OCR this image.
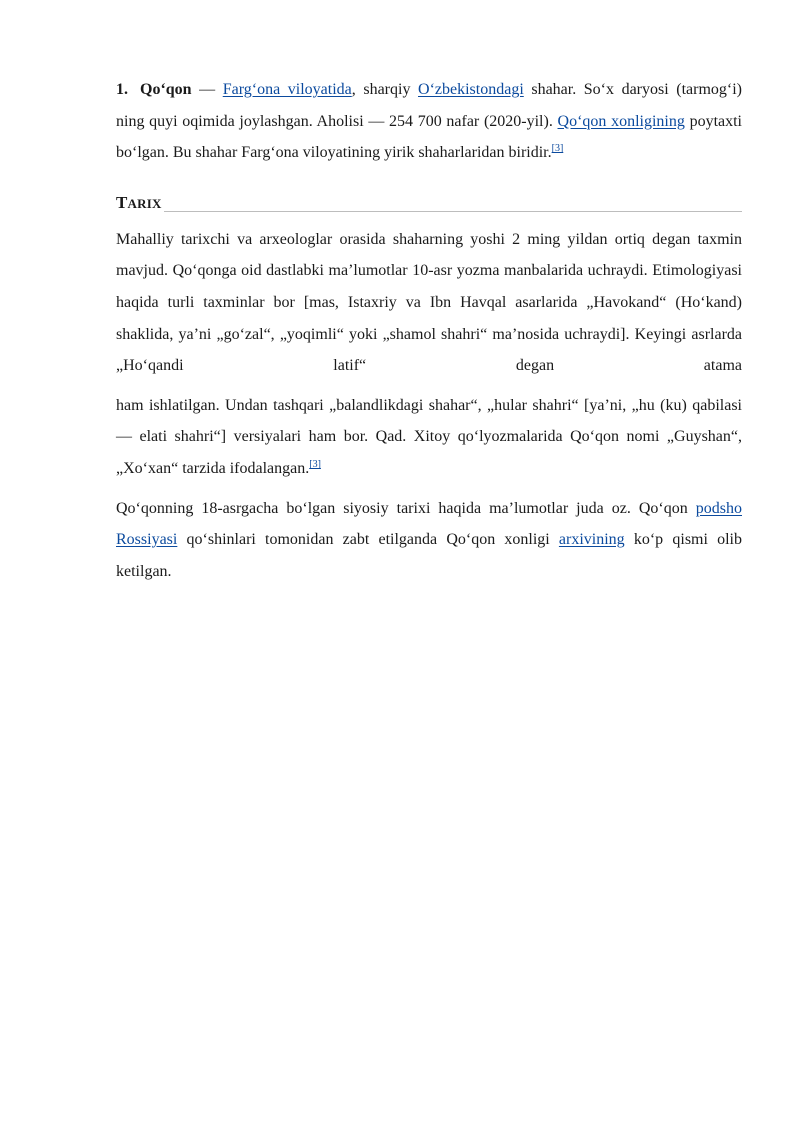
1. Qo‘qon — Farg‘ona viloyatida, sharqiy O‘zbekistondagi shahar. So‘x daryosi (tarmog‘i) ning quyi oqimida joylashgan. Aholisi — 254 700 nafar (2020-yil). Qo‘qon xonligining poytaxti bo‘lgan. Bu shahar Farg‘ona viloyatining yirik shaharlaridan biridir.[3]

TARIX

Mahalliy tarixchi va arxeologlar orasida shaharning yoshi 2 ming yildan ortiq degan taxmin mavjud. Qo‘qonga oid dastlabki ma’lumotlar 10-asr yozma manbalarida uchraydi. Etimologiyasi haqida turli taxminlar bor [mas, Istaxriy va Ibn Havqal asarlarida „Havokand“ (Ho‘kand) shaklida, ya’ni „go‘zal“, „yoqimli“ yoki „shamol shahri“ ma’nosida uchraydi]. Keyingi asrlarda „Ho‘qandi latif“ degan atama

ham ishlatilgan. Undan tashqari „balandlikdagi shahar“, „hular shahri“ [ya’ni, „hu (ku) qabilasi — elati shahri“] versiyalari ham bor. Qad. Xitoy qo‘lyozmalarida Qo‘qon nomi „Guyshan“, „Xo‘xan“ tarzida ifodalangan.[3]

Qo‘qonning 18-asrgacha bo‘lgan siyosiy tarixi haqida ma’lumotlar juda oz. Qo‘qon podsho Rossiyasi qo‘shinlari tomonidan zabt etilganda Qo‘qon xonligi arxivining ko‘p qismi olib ketilgan.
